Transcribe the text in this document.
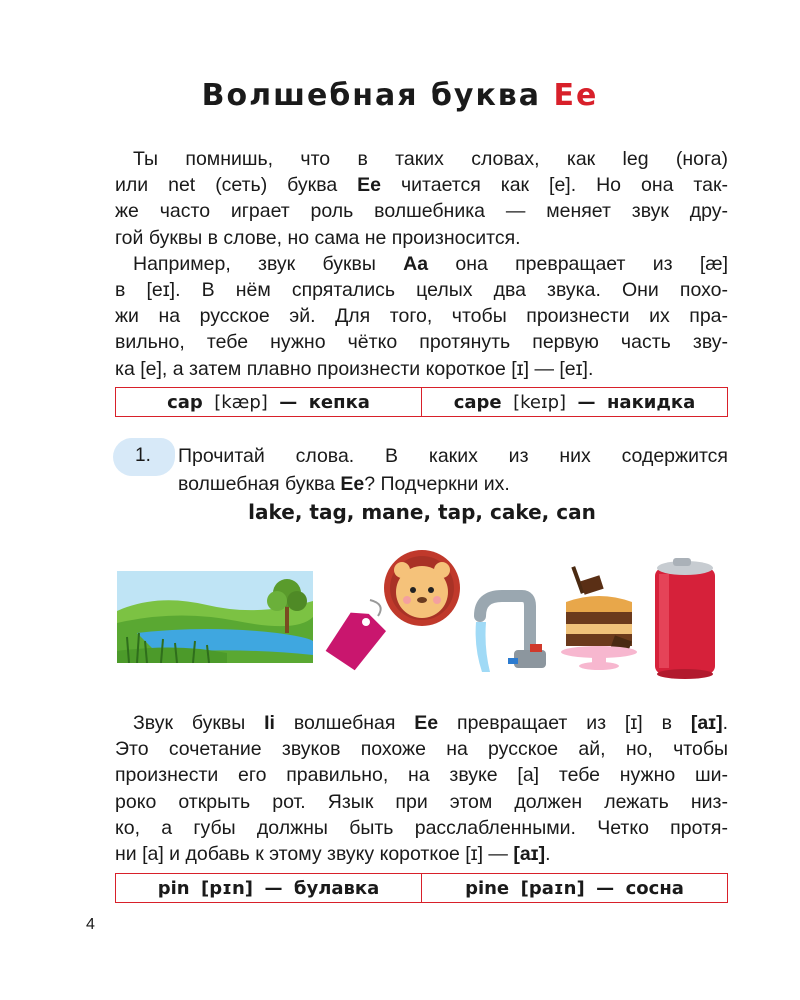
Волшебная буква Ee
Ты помнишь, что в таких словах, как leg (нога)
или net (сеть) буква Ee читается как [e]. Но она так-
же часто играет роль волшебника — меняет звук дру-
гой буквы в слове, но сама не произносится.
Например, звук буквы Aa она превращает из [æ]
в [eɪ]. В нём спрятались целых два звука. Они похо-
жи на русское эй. Для того, чтобы произнести их пра-
вильно, тебе нужно чётко протянуть первую часть зву-
ка [e], а затем плавно произнести короткое [ɪ] — [eɪ].
cap
[kæp]
—
кепка	cape
[keɪp]
—
накидка
1. Прочитай слова. В каких из них содержится
волшебная буква Ee? Подчеркни их.
lake, tag, mane, tap, cake, can
Звук буквы Ii волшебная Ee превращает из [ɪ] в [aɪ].
Это сочетание звуков похоже на русское ай, но, чтобы
произнести его правильно, на звуке [a] тебе нужно ши-
роко открыть рот. Язык при этом должен лежать низ-
ко, а губы должны быть расслабленными. Четко протя-
ни [a] и добавь к этому звуку короткое [ɪ] — [aɪ].
pin
[pɪn]
—
булавка	pine
[paɪn]
—
сосна
4
